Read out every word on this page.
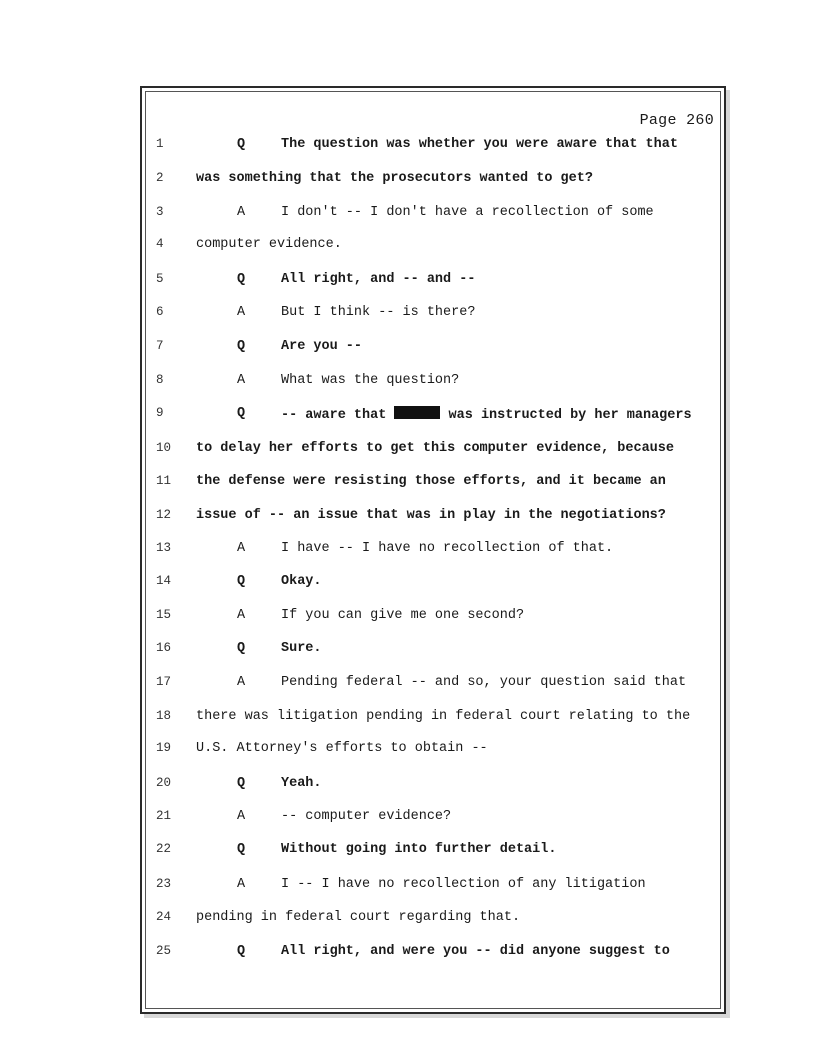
Page 260
1	Q	The question was whether you were aware that that
2	was something that the prosecutors wanted to get?
3	A	I don't -- I don't have a recollection of some
4	computer evidence.
5	Q	All right, and -- and --
6	A	But I think -- is there?
7	Q	Are you --
8	A	What was the question?
9	Q	-- aware that	was instructed by her managers
10	to delay her efforts to get this computer evidence, because
11	the defense were resisting those efforts, and it became an
12	issue of -- an issue that was in play in the negotiations?
13	A	I have -- I have no recollection of that.
14	Q	Okay.
15	A	If you can give me one second?
16	Q	Sure.
17	A	Pending federal -- and so, your question said that
18	there was litigation pending in federal court relating to the
19	U.S. Attorney's efforts to obtain --
20	Q	Yeah.
21	A	-- computer evidence?
22	Q	Without going into further detail.
23	A	I -- I have no recollection of any litigation
24	pending in federal court regarding that.
25	Q	All right, and were you -- did anyone suggest to
